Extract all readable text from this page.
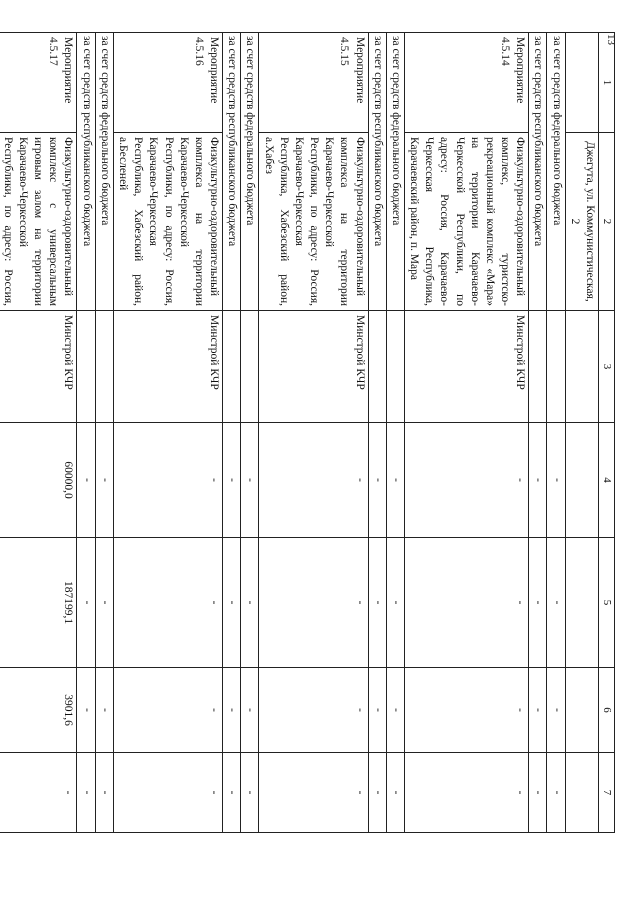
13
1	2	3	4	5	6	7
	Джегута, ул. Коммунистическая, 2					
за счет средств федерального бюджета			-	-	-	-
за счет средств республиканского бюджета			-	-	-	-
Мероприятие 4.5.14	Физкультурно-оздоровительный комплекс, туристско-рекреационный комплекс «Мара» на территории Карачаево-Черкесской Республики, по адресу: Россия, Карачаево-Черкесская Республика, Карачаевский район, п. Мара	Минстрой КЧР	-	-	-	-
за счет средств федерального бюджета			-	-	-	-
за счет средств республиканского бюджета			-	-	-	-
Мероприятие 4.5.15	Физкультурно-оздоровительный комплекса на территории Карачаево-Черкесской Республики, по адресу: Россия, Карачаево-Черкесская Республика, Хабезский район, а.Хабез	Минстрой КЧР	-	-	-	-
за счет средств федерального бюджета			-	-	-	-
за счет средств республиканского бюджета			-	-	-	-
Мероприятие 4.5.16	Физкультурно-оздоровительный комплекса на территории Карачаево-Черкесской Республики, по адресу: Россия, Карачаево-Черкесская Республика, Хабезский район, а.Бесленей	Минстрой КЧР	-	-	-	-
за счет средств федерального бюджета			-	-	-	-
за счет средств республиканского бюджета			-	-	-	-
Мероприятие 4.5.17	Физкультурно-оздоровительный комплекс с универсальным игровым залом на территории Карачаево-Черкесской Республики, по адресу: Россия,	Минстрой КЧР	60000,0	187199,1	3901,6	-
